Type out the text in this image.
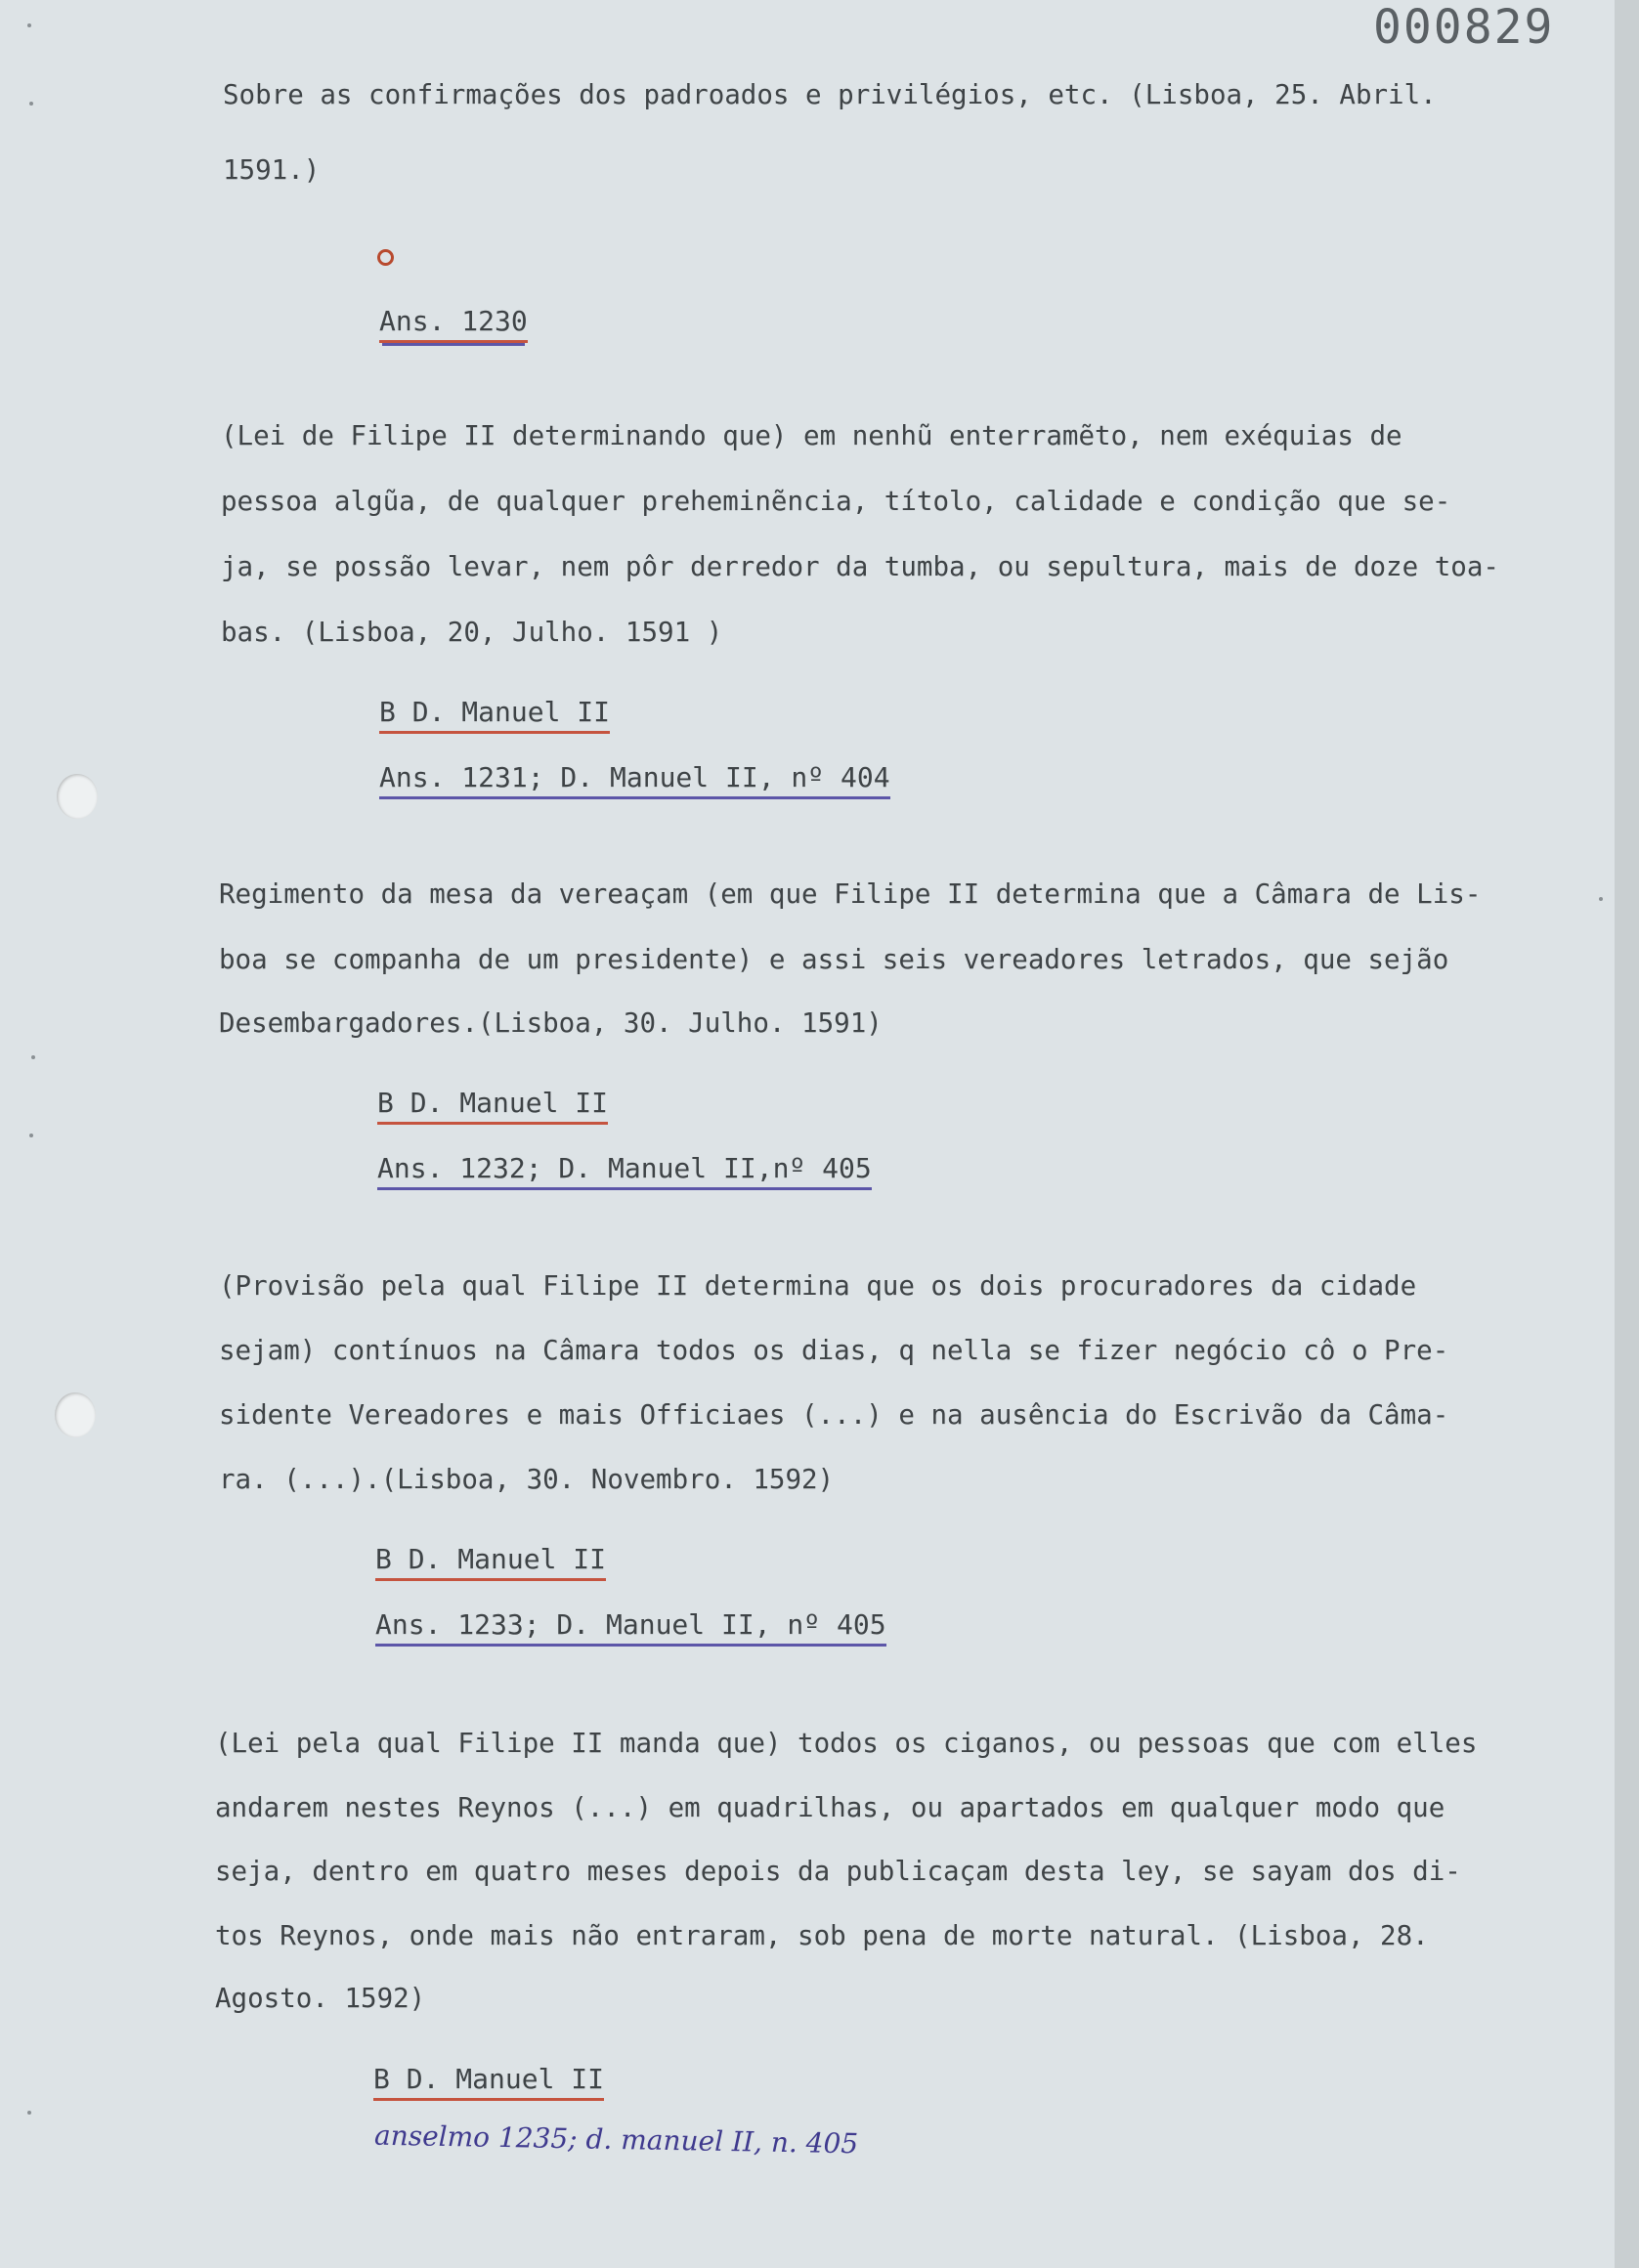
000829
Sobre as confirmações dos padroados e privilégios, etc. (Lisboa, 25. Abril.
1591.)
Ans. 1230
(Lei de Filipe II determinando que) em nenhũ enterramẽto, nem exéquias de
pessoa algũa, de qualquer preheminẽncia, títolo, calidade e condição que se-
ja, se possão levar, nem pôr derredor da tumba, ou sepultura, mais de doze toa-
bas. (Lisboa, 20, Julho. 1591 )
B D. Manuel II
Ans. 1231; D. Manuel II, nº 404
Regimento da mesa da vereaçam (em que Filipe II determina que a Câmara de Lis-
boa se companha de um presidente) e assi seis vereadores letrados, que sejão
Desembargadores.(Lisboa, 30. Julho. 1591)
B D. Manuel II
Ans. 1232; D. Manuel II,nº 405
(Provisão pela qual Filipe II determina que os dois procuradores da cidade
sejam) contínuos na Câmara todos os dias, q nella se fizer negócio cô o Pre-
sidente Vereadores e mais Officiaes (...) e na ausência do Escrivão da Câma-
ra. (...).(Lisboa, 30. Novembro. 1592)
B D. Manuel II
Ans. 1233; D. Manuel II, nº 405
(Lei pela qual Filipe II manda que) todos os ciganos, ou pessoas que com elles
andarem nestes Reynos (...) em quadrilhas, ou apartados em qualquer modo que
seja, dentro em quatro meses depois da publicaçam desta ley, se sayam dos di-
tos Reynos, onde mais não entraram, sob pena de morte natural. (Lisboa, 28.
Agosto. 1592)
B D. Manuel II
anselmo 1235; d. manuel II, n. 405
